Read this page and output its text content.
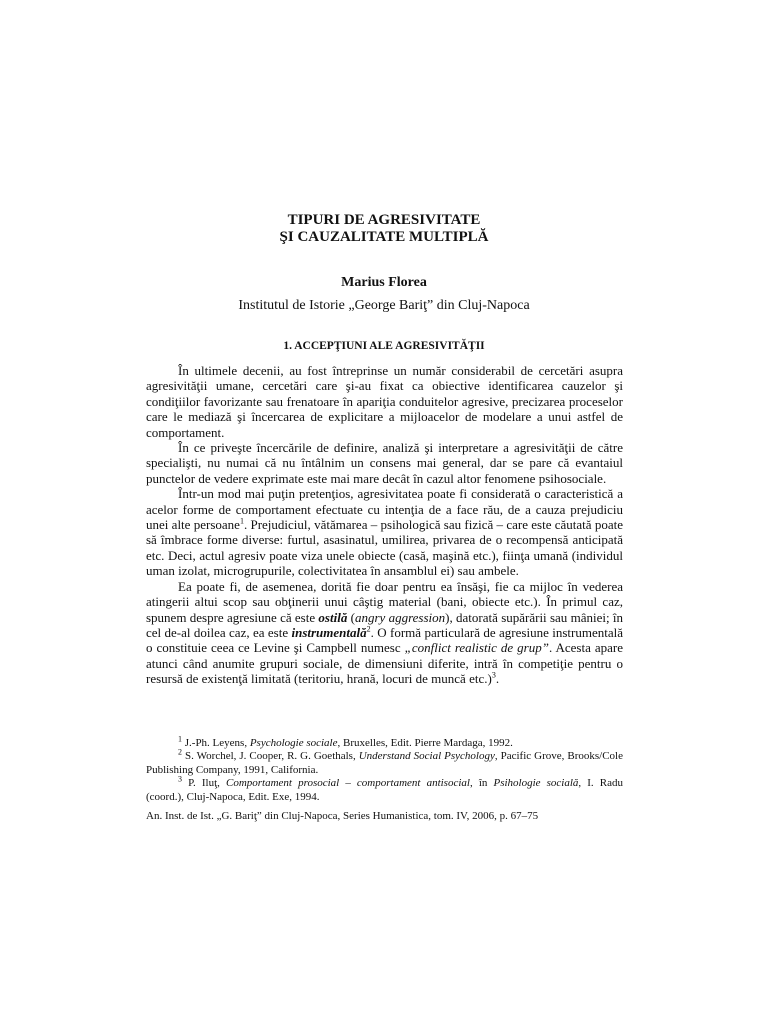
TIPURI DE AGRESIVITATE
ŞI CAUZALITATE MULTIPLĂ
Marius Florea
Institutul de Istorie „George Bariţ” din Cluj-Napoca
1. ACCEPŢIUNI ALE AGRESIVITĂŢII

În ultimele decenii, au fost întreprinse un număr considerabil de cercetări asupra agresivităţii umane, cercetări care şi-au fixat ca obiective identificarea cauzelor şi condiţiilor favorizante sau frenatoare în apariţia conduitelor agresive, precizarea proceselor care le mediază şi încercarea de explicitare a mijloacelor de modelare a unui astfel de comportament.

În ce priveşte încercările de definire, analiză şi interpretare a agresivităţii de către specialişti, nu numai că nu întâlnim un consens mai general, dar se pare că evantaiul punctelor de vedere exprimate este mai mare decât în cazul altor fenomene psihosociale.

Într-un mod mai puţin pretenţios, agresivitatea poate fi considerată o caracteristică a acelor forme de comportament efectuate cu intenţia de a face rău, de a cauza prejudiciu unei alte persoane$^1$. Prejudiciul, vătămarea – psihologică sau fizică – care este căutată poate să îmbrace forme diverse: furtul, asasinatul, umilirea, privarea de o recompensă anticipată etc. Deci, actul agresiv poate viza unele obiecte (casă, maşină etc.), fiinţa umană (individul uman izolat, microgrupurile, colectivitatea în ansamblul ei) sau ambele.

Ea poate fi, de asemenea, dorită fie doar pentru ea însăşi, fie ca mijloc în vederea atingerii altui scop sau obţinerii unui câştig material (bani, obiecte etc.). În primul caz, spunem despre agresiune că este ostilă (angry aggression), datorată supărării sau mâniei; în cel de-al doilea caz, ea este instrumentală$^2$. O formă particulară de agresiune instrumentală o constituie ceea ce Levine şi Campbell numesc „conflict realistic de grup”. Acesta apare atunci când anumite grupuri sociale, de dimensiuni diferite, intră în competiţie pentru o resursă de existenţă limitată (teritoriu, hrană, locuri de muncă etc.)$^3$.

$^1$ J.-Ph. Leyens, Psychologie sociale, Bruxelles, Edit. Pierre Mardaga, 1992.

$^2$ S. Worchel, J. Cooper, R. G. Goethals, Understand Social Psychology, Pacific Grove, Brooks/Cole Publishing Company, 1991, California.

$^3$ P. Iluţ, Comportament prosocial – comportament antisocial, în Psihologie socială, I. Radu (coord.), Cluj-Napoca, Edit. Exe, 1994.

An. Inst. de Ist. „G. Bariţ” din Cluj-Napoca, Series Humanistica, tom. IV, 2006, p. 67–75
